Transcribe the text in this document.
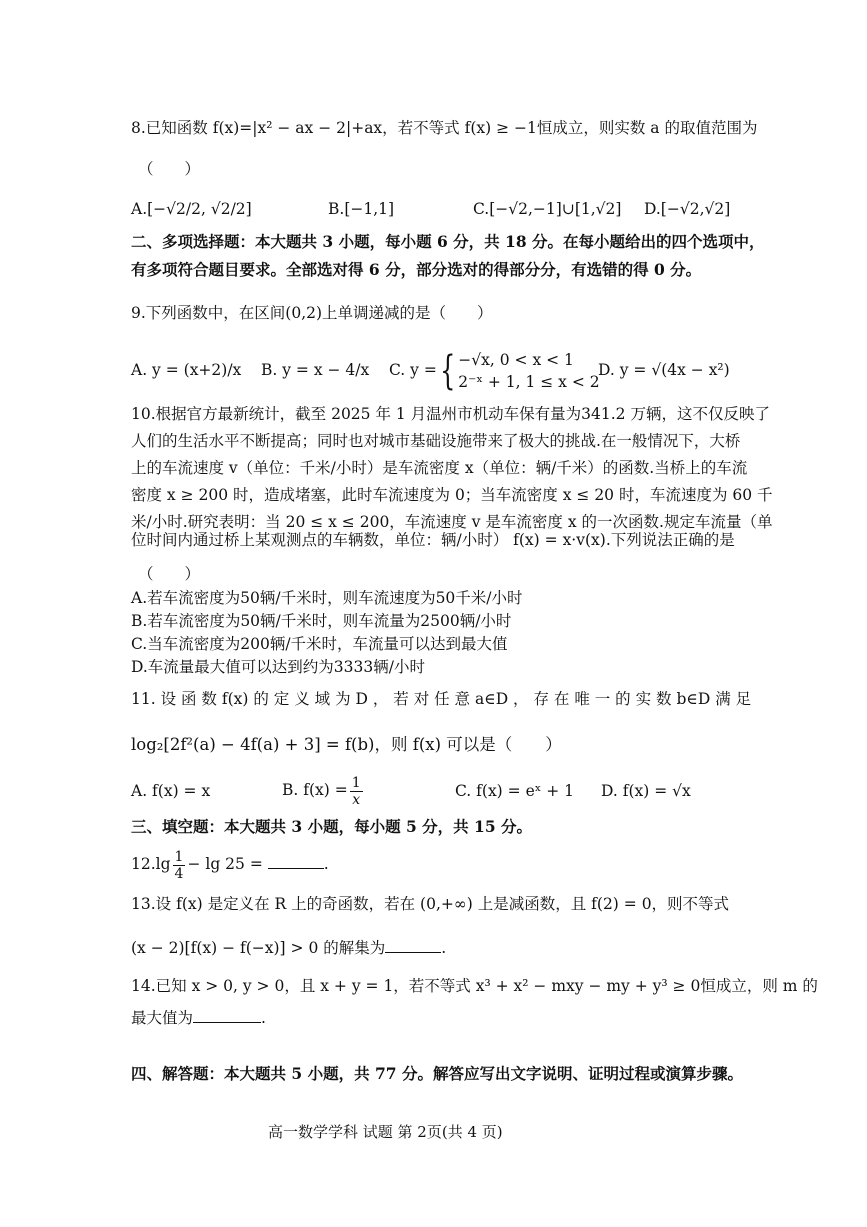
8.已知函数 f(x)=|x² − ax − 2|+ax，若不等式 f(x) ≥ −1恒成立，则实数 a 的取值范围为
（　　）
A.[−√2/2, √2/2]	B.[−1,1]	C.[−√2,−1]∪[1,√2] D.[−√2,√2]
二、多项选择题：本大题共 3 小题，每小题 6 分，共 18 分。在每小题给出的四个选项中，
有多项符合题目要求。全部选对得 6 分，部分选对的得部分分，有选错的得 0 分。
9.下列函数中，在区间(0,2)上单调递减的是（　　）
A. y = (x+2)/x B. y = x − 4/x C. y ={ −√x, 0 < x < 1
2⁻ˣ + 1, 1 ≤ x < 2
D. y = √(4x − x²)
10.根据官方最新统计，截至 2025 年 1 月温州市机动车保有量为341.2 万辆，这不仅反映了
人们的生活水平不断提高；同时也对城市基础设施带来了极大的挑战.在一般情况下，大桥
上的车流速度 v（单位：千米/小时）是车流密度 x（单位：辆/千米）的函数.当桥上的车流
密度 x ≥ 200 时，造成堵塞，此时车流速度为 0；当车流密度 x ≤ 20 时，车流速度为 60 千
米/小时.研究表明：当 20 ≤ x ≤ 200，车流速度 v 是车流密度 x 的一次函数.规定车流量（单
位时间内通过桥上某观测点的车辆数，单位：辆/小时） f(x) = x·v(x).下列说法正确的是
（　　）
A.若车流密度为50辆/千米时，则车流速度为50千米/小时
B.若车流密度为50辆/千米时，则车流量为2500辆/小时
C.当车流密度为200辆/千米时，车流量可以达到最大值
D.车流量最大值可以达到约为3333辆/小时
11. 设 函 数 f(x) 的 定 义 域 为 D ， 若 对 任 意 a∈D ， 存 在 唯 一 的 实 数 b∈D 满 足
log₂[2f²(a) − 4f(a) + 3] = f(b)，则 f(x) 可以是（　　）
A. f(x) = x	B. $f(x) = \frac{1}{x}$	C. f(x) = eˣ + 1 D. f(x) = √x
三、填空题：本大题共 3 小题，每小题 5 分，共 15 分。
$12.\lg \frac{1}{4} - \lg 25$ =	.
13.设 f(x) 是定义在 R 上的奇函数，若在 (0,+∞) 上是减函数，且 f(2) = 0，则不等式
(x − 2)[f(x) − f(−x)] > 0 的解集为	.
14.已知 x > 0, y > 0，且 x + y = 1，若不等式 x³ + x² − mxy − my + y³ ≥ 0恒成立，则 m 的
最大值为	.
四、解答题：本大题共 5 小题，共 77 分。解答应写出文字说明、证明过程或演算步骤。
高一数学学科 试题 第 2页(共 4 页)
